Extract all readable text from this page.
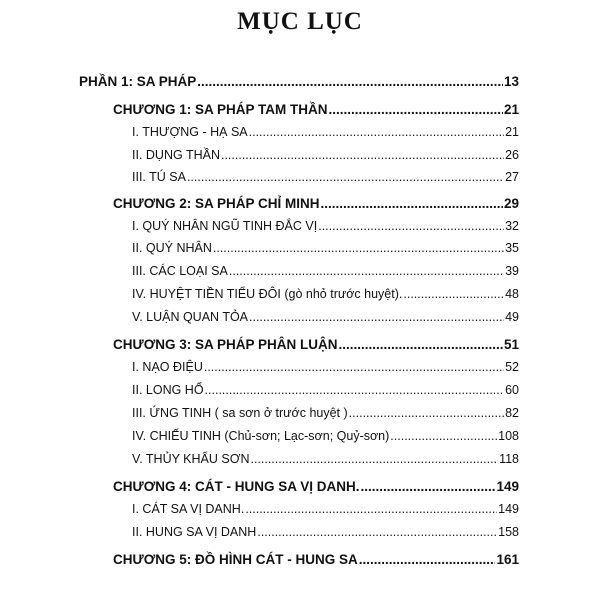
MỤC LỤC
PHẦN 1: SA PHÁP .....	13
CHƯƠNG 1: SA PHÁP TAM THẦN .....	21
I. THƯỢNG - HẠ SA .....	21
II. DỤNG THẦN .....	26
III. TÚ SA .....	27
CHƯƠNG 2: SA PHÁP CHỈ MINH .....	29
I. QUÝ NHÂN NGŨ TINH ĐẮC VỊ .....	32
II. QUÝ NHÂN .....	35
III. CÁC LOẠI SA .....	39
IV. HUYỆT TIỀN TIỂU ĐÔI (gò nhỏ trước huyệt). .....	48
V. LUẬN QUAN TỎA .....	49
CHƯƠNG 3: SA PHÁP PHÂN LUẬN .....	51
I. NẠO ĐIỆU .....	52
II. LONG HỔ .....	60
III. ỨNG TINH ( sa sơn ở trước huyệt ) .....	82
IV. CHIẾU TINH (Chủ-sơn; Lạc-sơn; Quỷ-sơn) .....	108
V. THỦY KHẨU SƠN .....	118
CHƯƠNG 4: CÁT - HUNG SA VỊ DANH. .....	149
I. CÁT SA VỊ DANH. .....	149
II. HUNG SA VỊ DANH .....	158
CHƯƠNG 5: ĐỒ HÌNH CÁT - HUNG SA .....	161
